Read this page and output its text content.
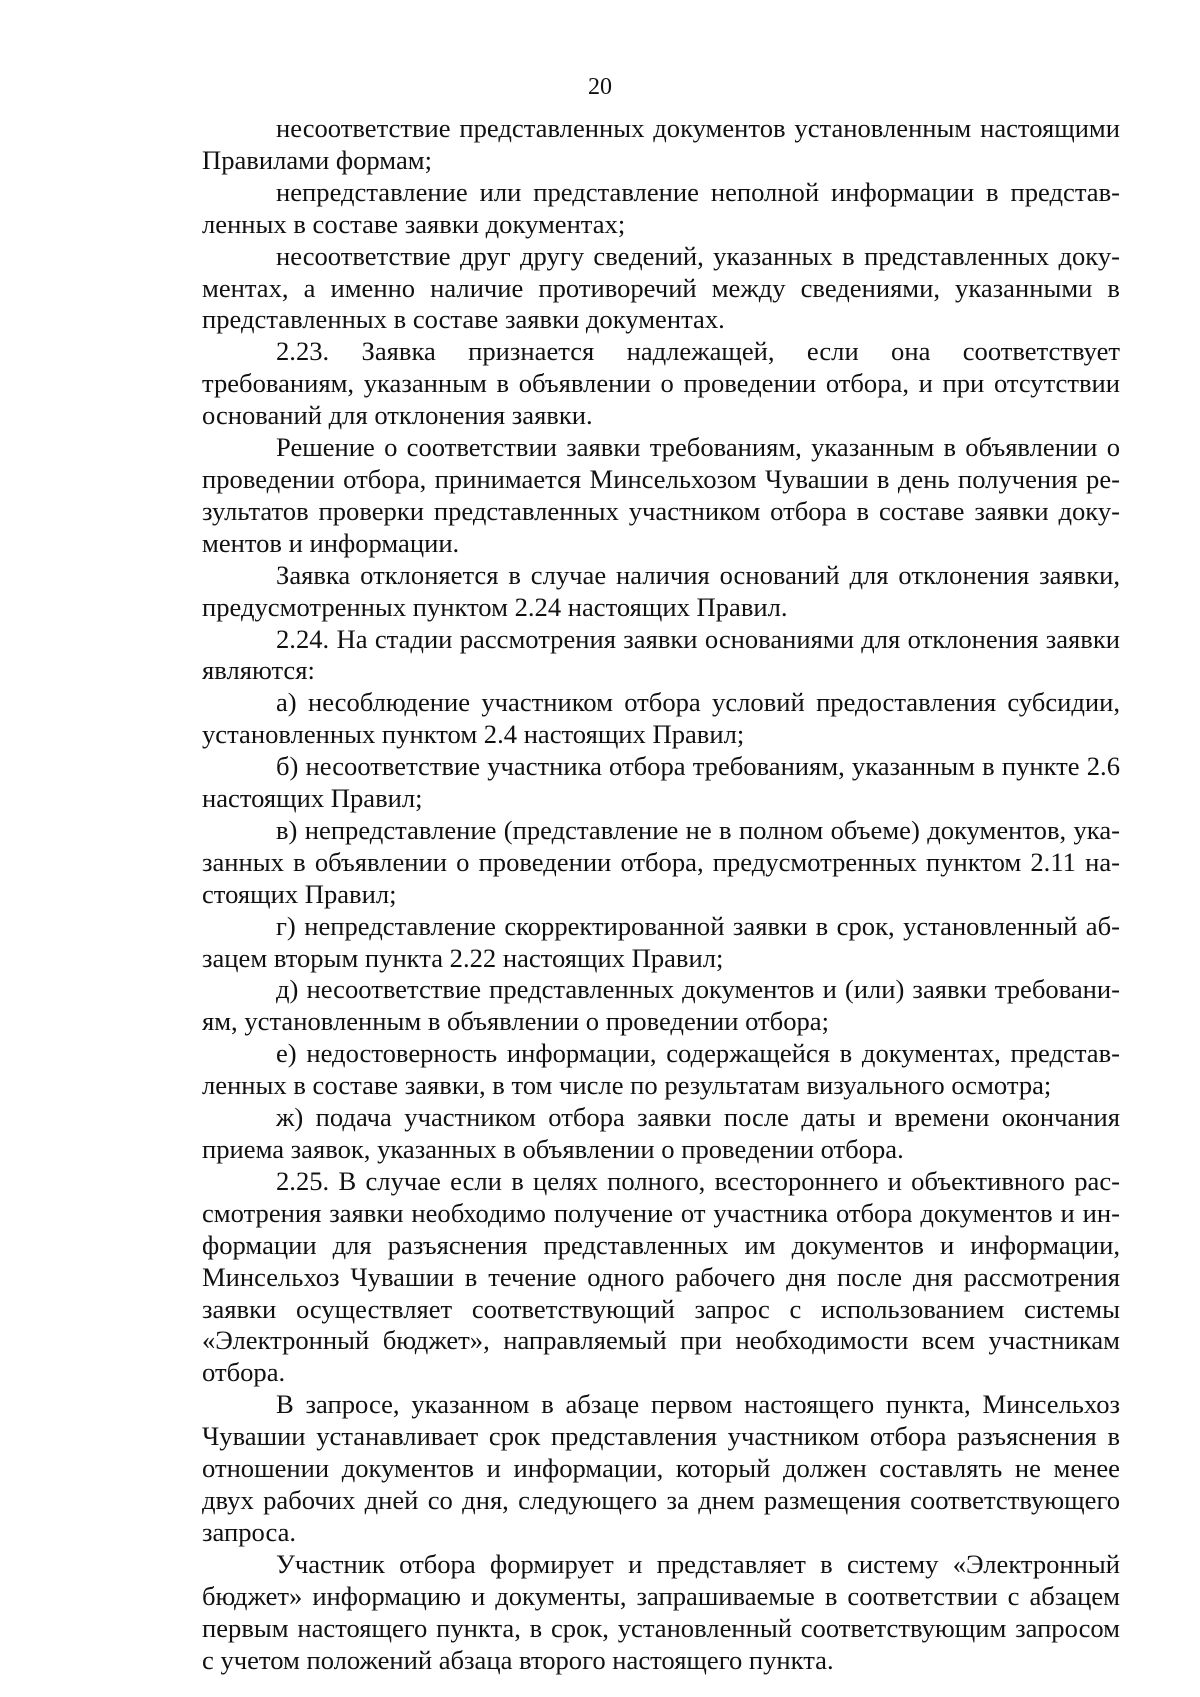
20

несоответствие представленных документов установленным настоящими Правилами формам;

непредставление или представление неполной информации в представленных в составе заявки документах;

несоответствие друг другу сведений, указанных в представленных документах, а именно наличие противоречий между сведениями, указанными в представленных в составе заявки документах.

2.23. Заявка признается надлежащей, если она соответствует требованиям, указанным в объявлении о проведении отбора, и при отсутствии оснований для отклонения заявки.

Решение о соответствии заявки требованиям, указанным в объявлении о проведении отбора, принимается Минсельхозом Чувашии в день получения результатов проверки представленных участником отбора в составе заявки документов и информации.

Заявка отклоняется в случае наличия оснований для отклонения заявки, предусмотренных пунктом 2.24 настоящих Правил.

2.24. На стадии рассмотрения заявки основаниями для отклонения заявки являются:

а) несоблюдение участником отбора условий предоставления субсидии, установленных пунктом 2.4 настоящих Правил;

б) несоответствие участника отбора требованиям, указанным в пункте 2.6 настоящих Правил;

в) непредставление (представление не в полном объеме) документов, указанных в объявлении о проведении отбора, предусмотренных пунктом 2.11 настоящих Правил;

г) непредставление скорректированной заявки в срок, установленный абзацем вторым пункта 2.22 настоящих Правил;

д) несоответствие представленных документов и (или) заявки требованиям, установленным в объявлении о проведении отбора;

е) недостоверность информации, содержащейся в документах, представленных в составе заявки, в том числе по результатам визуального осмотра;

ж) подача участником отбора заявки после даты и времени окончания приема заявок, указанных в объявлении о проведении отбора.

2.25. В случае если в целях полного, всестороннего и объективного рассмотрения заявки необходимо получение от участника отбора документов и информации для разъяснения представленных им документов и информации, Минсельхоз Чувашии в течение одного рабочего дня после дня рассмотрения заявки осуществляет соответствующий запрос с использованием системы «Электронный бюджет», направляемый при необходимости всем участникам отбора.

В запросе, указанном в абзаце первом настоящего пункта, Минсельхоз Чувашии устанавливает срок представления участником отбора разъяснения в отношении документов и информации, который должен составлять не менее двух рабочих дней со дня, следующего за днем размещения соответствующего запроса.

Участник отбора формирует и представляет в систему «Электронный бюджет» информацию и документы, запрашиваемые в соответствии с абзацем первым настоящего пункта, в срок, установленный соответствующим запросом с учетом положений абзаца второго настоящего пункта.
